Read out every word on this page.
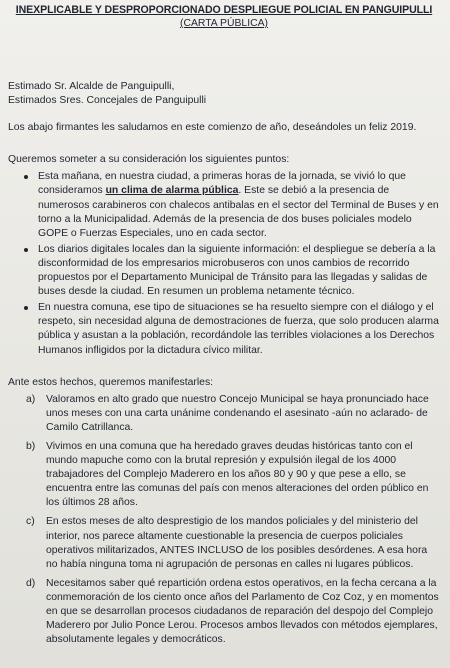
INEXPLICABLE Y DESPROPORCIONADO DESPLIEGUE POLICIAL EN PANGUIPULLI

(CARTA PÚBLICA)

Estimado Sr. Alcalde de Panguipulli,
Estimados Sres. Concejales de Panguipulli

Los abajo firmantes les saludamos en este comienzo de año, deseándoles un feliz 2019.

Queremos someter a su consideración los siguientes puntos:

Esta mañana, en nuestra ciudad, a primeras horas de la jornada, se vivió lo que consideramos un clima de alarma pública. Este se debió a la presencia de numerosos carabineros con chalecos antibalas en el sector del Terminal de Buses y en torno a la Municipalidad. Además de la presencia de dos buses policiales modelo GOPE o Fuerzas Especiales, uno en cada sector.
Los diarios digitales locales dan la siguiente información: el despliegue se debería a la disconformidad de los empresarios microbuseros con unos cambios de recorrido propuestos por el Departamento Municipal de Tránsito para las llegadas y salidas de buses desde la ciudad. En resumen un problema netamente técnico.
En nuestra comuna, ese tipo de situaciones se ha resuelto siempre con el diálogo y el respeto, sin necesidad alguna de demostraciones de fuerza, que solo producen alarma pública y asustan a la población, recordándole las terribles violaciones a los Derechos Humanos infligidos por la dictadura cívico militar.

Ante estos hechos, queremos manifestarles:

a) Valoramos en alto grado que nuestro Concejo Municipal se haya pronunciado hace unos meses con una carta unánime condenando el asesinato -aún no aclarado- de Camilo Catrillanca.
b) Vivimos en una comuna que ha heredado graves deudas históricas tanto con el mundo mapuche como con la brutal represión y expulsión ilegal de los 4000 trabajadores del Complejo Maderero en los años 80 y 90 y que pese a ello, se encuentra entre las comunas del país con menos alteraciones del orden público en los últimos 28 años.
c) En estos meses de alto desprestigio de los mandos policiales y del ministerio del interior, nos parece altamente cuestionable la presencia de cuerpos policiales operativos militarizados, ANTES INCLUSO de los posibles desórdenes. A esa hora no había ninguna toma ni agrupación de personas en calles ni lugares públicos.
d) Necesitamos saber qué repartición ordena estos operativos, en la fecha cercana a la conmemoración de los ciento once años del Parlamento de Coz Coz, y en momentos en que se desarrollan procesos ciudadanos de reparación del despojo del Complejo Maderero por Julio Ponce Lerou. Procesos ambos llevados con métodos ejemplares, absolutamente legales y democráticos.
